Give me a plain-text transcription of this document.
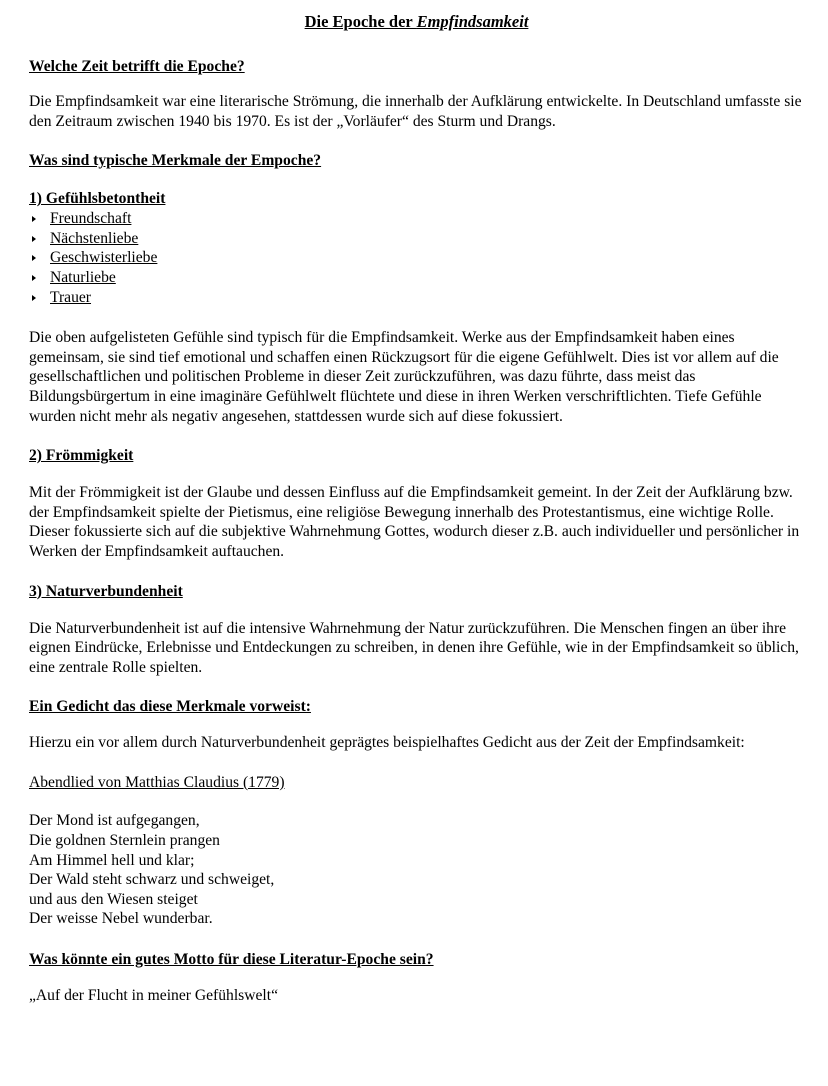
Die Epoche der Empfindsamkeit
Welche Zeit betrifft die Epoche?

Die Empfindsamkeit war eine literarische Strömung, die innerhalb der Aufklärung entwickelte. In Deutschland umfasste sie den Zeitraum zwischen 1940 bis 1970. Es ist der „Vorläufer“ des Sturm und Drangs.

Was sind typische Merkmale der Empoche?
1) Gefühlsbetontheit
Freundschaft
Nächstenliebe
Geschwisterliebe
Naturliebe
Trauer

Die oben aufgelisteten Gefühle sind typisch für die Empfindsamkeit. Werke aus der Empfindsamkeit haben eines gemeinsam, sie sind tief emotional und schaffen einen Rückzugsort für die eigene Gefühlwelt. Dies ist vor allem auf die gesellschaftlichen und politischen Probleme in dieser Zeit zurückzuführen, was dazu führte, dass meist das Bildungsbürgertum in eine imaginäre Gefühlwelt flüchtete und diese in ihren Werken verschriftlichten. Tiefe Gefühle wurden nicht mehr als negativ angesehen, stattdessen wurde sich auf diese fokussiert.

2) Frömmigkeit

Mit der Frömmigkeit ist der Glaube und dessen Einfluss auf die Empfindsamkeit gemeint. In der Zeit der Aufklärung bzw. der Empfindsamkeit spielte der Pietismus, eine religiöse Bewegung innerhalb des Protestantismus, eine wichtige Rolle. Dieser fokussierte sich auf die subjektive Wahrnehmung Gottes, wodurch dieser z.B. auch individueller und persönlicher in Werken der Empfindsamkeit auftauchen.

3) Naturverbundenheit

Die Naturverbundenheit ist auf die intensive Wahrnehmung der Natur zurückzuführen. Die Menschen fingen an über ihre eignen Eindrücke, Erlebnisse und Entdeckungen zu schreiben, in denen ihre Gefühle, wie in der Empfindsamkeit so üblich, eine zentrale Rolle spielten.

Ein Gedicht das diese Merkmale vorweist:

Hierzu ein vor allem durch Naturverbundenheit geprägtes beispielhaftes Gedicht aus der Zeit der Empfindsamkeit:

Abendlied von Matthias Claudius (1779)

Der Mond ist aufgegangen,

Die goldnen Sternlein prangen

Am Himmel hell und klar;

Der Wald steht schwarz und schweiget,

und aus den Wiesen steiget

Der weisse Nebel wunderbar.

Was könnte ein gutes Motto für diese Literatur-Epoche sein?

„Auf der Flucht in meiner Gefühlswelt“
